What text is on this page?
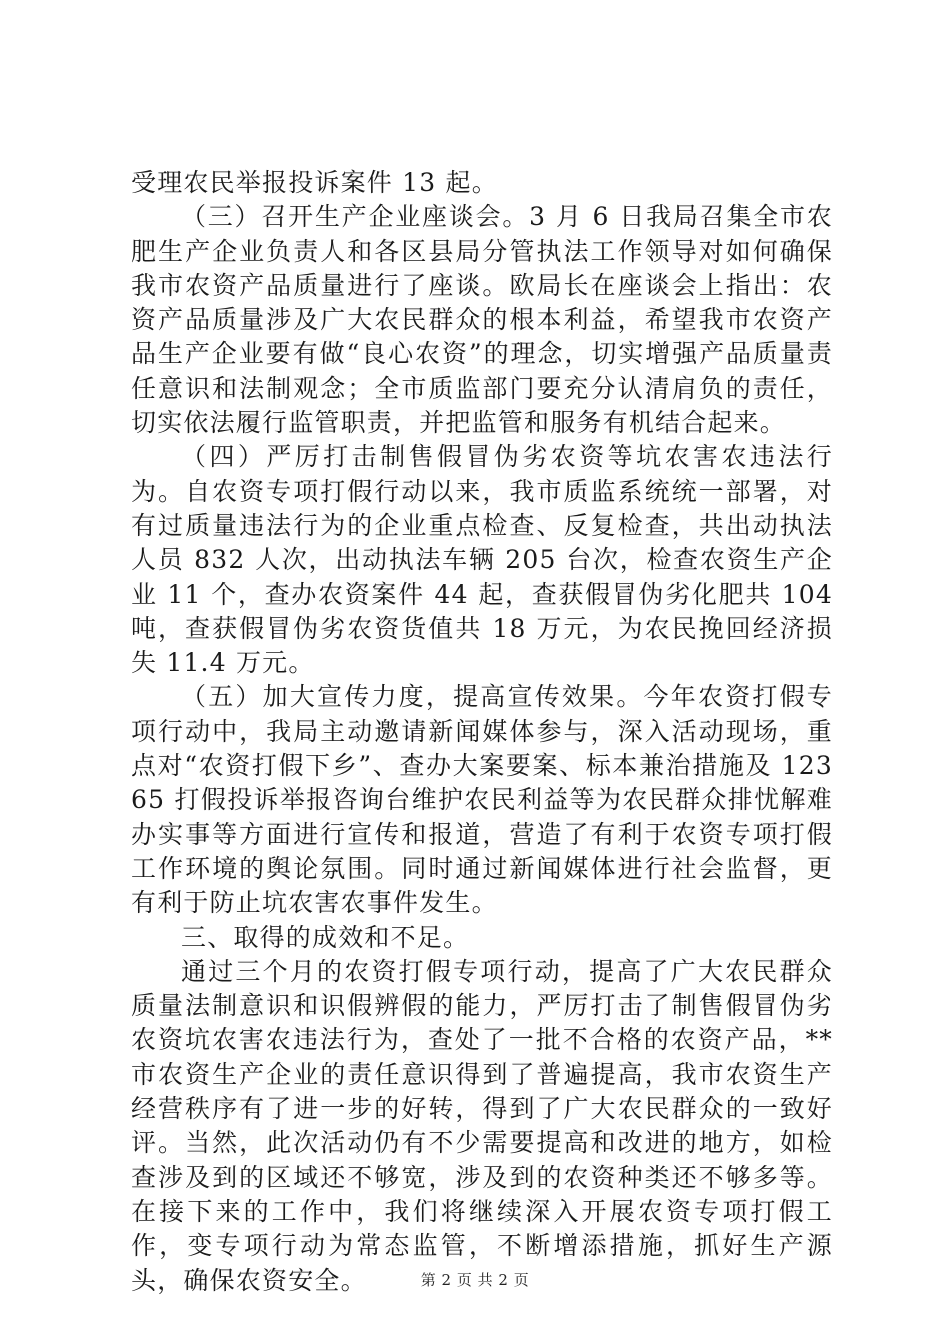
受理农民举报投诉案件 13 起。

（三）召开生产企业座谈会。3 月 6 日我局召集全市农肥生产企业负责人和各区县局分管执法工作领导对如何确保我市农资产品质量进行了座谈。欧局长在座谈会上指出：农资产品质量涉及广大农民群众的根本利益，希望我市农资产品生产企业要有做“良心农资”的理念，切实增强产品质量责任意识和法制观念；全市质监部门要充分认清肩负的责任，切实依法履行监管职责，并把监管和服务有机结合起来。

（四）严厉打击制售假冒伪劣农资等坑农害农违法行为。自农资专项打假行动以来，我市质监系统统一部署，对有过质量违法行为的企业重点检查、反复检查，共出动执法人员 832 人次，出动执法车辆 205 台次，检查农资生产企业 11 个，查办农资案件 44 起，查获假冒伪劣化肥共 104 吨，查获假冒伪劣农资货值共 18 万元，为农民挽回经济损失 11.4 万元。

（五）加大宣传力度，提高宣传效果。今年农资打假专项行动中，我局主动邀请新闻媒体参与，深入活动现场，重点对“农资打假下乡”、查办大案要案、标本兼治措施及 12365 打假投诉举报咨询台维护农民利益等为农民群众排忧解难办实事等方面进行宣传和报道，营造了有利于农资专项打假工作环境的舆论氛围。同时通过新闻媒体进行社会监督，更有利于防止坑农害农事件发生。

三、取得的成效和不足。

通过三个月的农资打假专项行动，提高了广大农民群众质量法制意识和识假辨假的能力，严厉打击了制售假冒伪劣农资坑农害农违法行为，查处了一批不合格的农资产品，**市农资生产企业的责任意识得到了普遍提高，我市农资生产经营秩序有了进一步的好转，得到了广大农民群众的一致好评。当然，此次活动仍有不少需要提高和改进的地方，如检查涉及到的区域还不够宽，涉及到的农资种类还不够多等。在接下来的工作中，我们将继续深入开展农资专项打假工作，变专项行动为常态监管，不断增添措施，抓好生产源头，确保农资安全。	第 2 页 共 2 页
